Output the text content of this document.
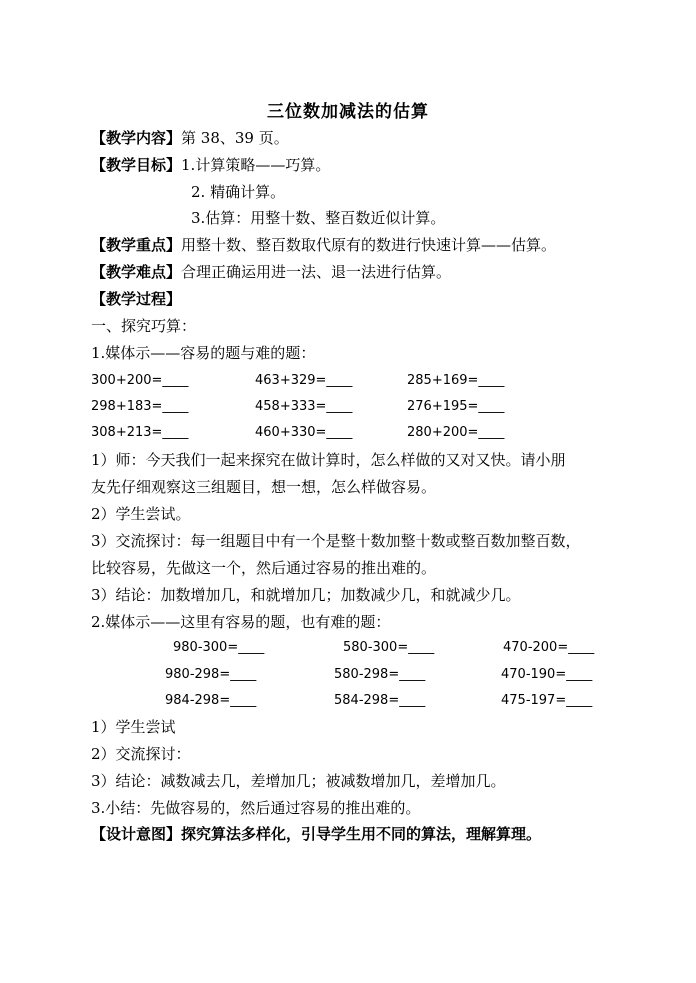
三位数加减法的估算
【教学内容】第 38、39 页。
【教学目标】1.计算策略——巧算。
2. 精确计算。
3.估算：用整十数、整百数近似计算。
【教学重点】用整十数、整百数取代原有的数进行快速计算——估算。
【教学难点】合理正确运用进一法、退一法进行估算。
【教学过程】
一、探究巧算：
1.媒体示——容易的题与难的题：
300+200=____	463+329=____	285+169=____
298+183=____	458+333=____	276+195=____
308+213=____	460+330=____	280+200=____
1）师：今天我们一起来探究在做计算时，怎么样做的又对又快。请小朋
友先仔细观察这三组题目，想一想，怎么样做容易。
2）学生尝试。
3）交流探讨：每一组题目中有一个是整十数加整十数或整百数加整百数，
比较容易，先做这一个，然后通过容易的推出难的。
3）结论：加数增加几，和就增加几；加数减少几，和就减少几。
2.媒体示——这里有容易的题，也有难的题：
980-300=____	580-300=____	470-200=____
980-298=____	580-298=____	470-190=____
984-298=____	584-298=____	475-197=____
1）学生尝试
2）交流探讨：
3）结论：减数减去几，差增加几；被减数增加几，差增加几。
3.小结：先做容易的，然后通过容易的推出难的。
【设计意图】探究算法多样化，引导学生用不同的算法，理解算理。
